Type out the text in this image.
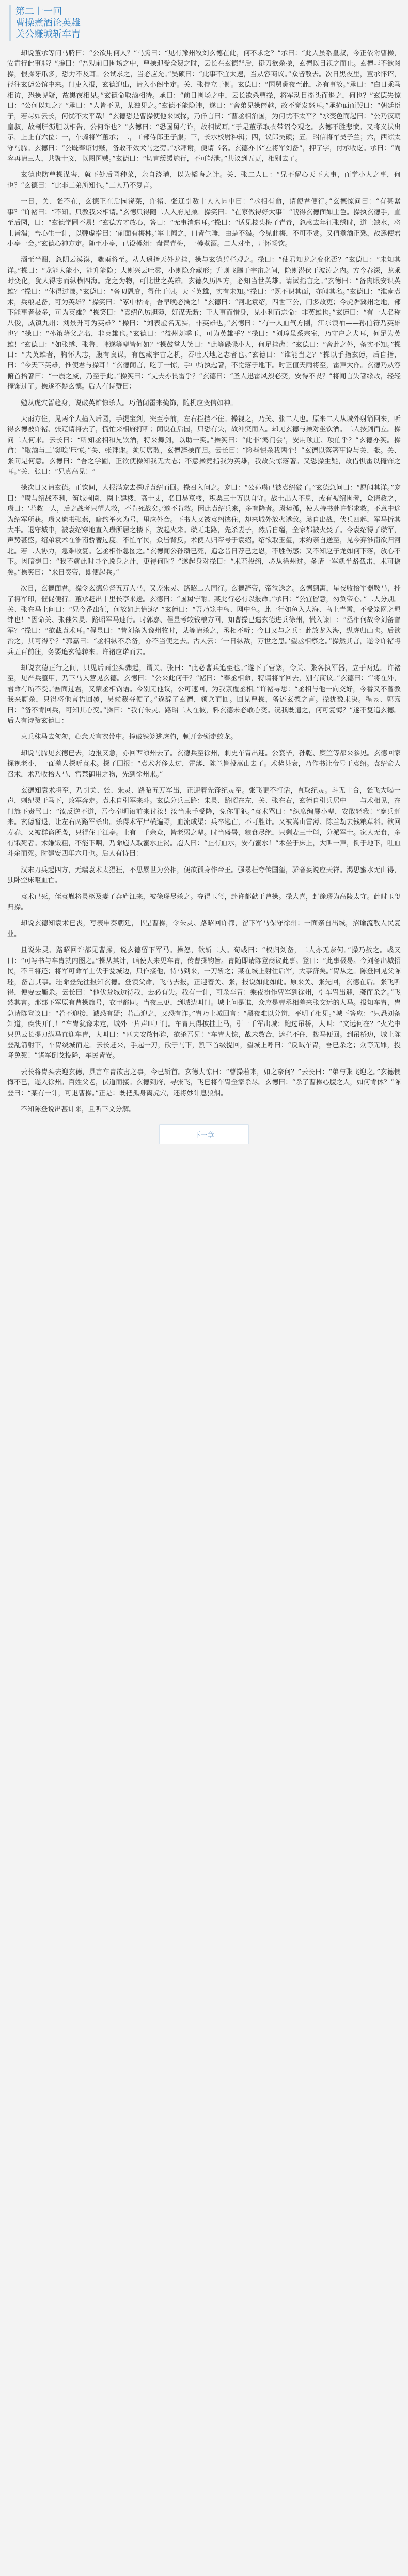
第二十一回
曹操煮酒论英雄
关公赚城斩车胄

却说董承等问马腾曰：“公欲用何人？”马腾曰：“见有豫州牧刘玄德在此，何不求之？”承曰：“此人虽系皇叔，今正依附曹操，安肯行此事耶？”腾曰：“吾观前日围场之中，曹操迎受众贺之时，云长在玄德背后，挺刀欲杀操，玄德以目视之而止。玄德非不欲图操，恨操牙爪多，恐力不及耳。公试求之，当必应允。”吴硕曰：“此事不宜太速，当从容商议。”众皆散去。次日黑夜里，董承怀诏，径往玄德公馆中来。门吏入报，玄德迎出，请入小阁坐定。关、张侍立于侧。玄德曰：“国舅夤夜至此，必有事故。”承曰：“白日乘马相访，恐操见疑，故黑夜相见。”玄德命取酒相待。承曰：“前日围场之中，云长欲杀曹操，将军动目摇头而退之，何也？”玄德失惊曰：“公何以知之？”承曰：“人皆不见，某独见之。”玄德不能隐讳，遂曰：“舍弟见操僭越，故不觉发怒耳。”承掩面而哭曰：“朝廷臣子，若尽如云长，何忧不太平哉！”玄德恐是曹操使他来试探，乃佯言曰：“曹丞相治国，为何忧不太平？”承变色而起曰：“公乃汉朝皇叔，故剖肝沥胆以相告，公何诈也？”玄德曰：“恐国舅有诈，故相试耳。”于是董承取衣带诏令观之。玄德不胜悲愤。又将义状出示，上止有六位：一，车骑将军董承；二，工部侍郎王子服；三，长水校尉种辑；四，议郎吴硕；五，昭信将军吴子兰；六，西凉太守马腾。玄德曰：“公既奉诏讨贼，备敢不效犬马之劳。”承拜谢，便请书名。玄德亦书“左将军刘备”，押了字，付承收讫。承曰：“尚容再请三人，共聚十义，以图国贼。”玄德曰：“切宜缓缓施行，不可轻泄。”共议到五更，相别去了。

玄德也防曹操谋害，就下处后园种菜，亲自浇灌，以为韬晦之计。关、张二人曰：“兄不留心天下大事，而学小人之事，何也？”玄德曰：“此非二弟所知也。”二人乃不复言。

一日，关、张不在，玄德正在后园浇菜，许褚、张辽引数十人入园中曰：“丞相有命，请使君便行。”玄德惊问曰：“有甚紧事？”许褚曰：“不知。只教我来相请。”玄德只得随二人入府见操。操笑曰：“在家做得好大事！”唬得玄德面如土色。操执玄德手，直至后园，曰：“玄德学圃不易！”玄德方才放心，答曰：“无事消遣耳。”操曰：“适见枝头梅子青青，忽感去年征张绣时，道上缺水，将士皆渴；吾心生一计，以鞭虚指曰：‘前面有梅林。’军士闻之，口皆生唾，由是不渴。今见此梅，不可不赏。又值煮酒正熟，故邀使君小亭一会。”玄德心神方定。随至小亭，已设樽俎：盘置青梅，一樽煮酒。二人对坐，开怀畅饮。

酒至半酣，忽阴云漠漠，骤雨将至。从人遥指天外龙挂，操与玄德凭栏观之。操曰：“使君知龙之变化否？”玄德曰：“未知其详。”操曰：“龙能大能小，能升能隐；大则兴云吐雾，小则隐介藏形；升则飞腾于宇宙之间，隐则潜伏于波涛之内。方今春深，龙乘时变化，犹人得志而纵横四海。龙之为物，可比世之英雄。玄德久历四方，必知当世英雄。请试指言之。”玄德曰：“备肉眼安识英雄？”操曰：“休得过谦。”玄德曰：“备叨恩庇，得仕于朝。天下英雄，实有未知。”操曰：“既不识其面，亦闻其名。”玄德曰：“淮南袁术，兵粮足备，可为英雄？”操笑曰：“冢中枯骨，吾早晚必擒之！”玄德曰：“河北袁绍，四世三公，门多故吏；今虎踞冀州之地，部下能事者极多，可为英雄？”操笑曰：“袁绍色厉胆薄，好谋无断；干大事而惜身，见小利而忘命：非英雄也。”玄德曰：“有一人名称八俊，威镇九州：刘景升可为英雄？”操曰：“刘表虚名无实，非英雄也。”玄德曰：“有一人血气方刚，江东领袖——孙伯符乃英雄也？”操曰：“孙策藉父之名，非英雄也。”玄德曰：“益州刘季玉，可为英雄乎？”操曰：“刘璋虽系宗室，乃守户之犬耳，何足为英雄！”玄德曰：“如张绣、张鲁、韩遂等辈皆何如？”操鼓掌大笑曰：“此等碌碌小人，何足挂齿！”玄德曰：“舍此之外，备实不知。”操曰：“夫英雄者，胸怀大志，腹有良谋，有包藏宇宙之机，吞吐天地之志者也。”玄德曰：“谁能当之？”操以手指玄德，后自指，曰：“今天下英雄，惟使君与操耳！”玄德闻言，吃了一惊，手中所执匙箸，不觉落于地下。时正值天雨将至，雷声大作。玄德乃从容俯首拾箸曰：“一震之威，乃至于此。”操笑曰：“丈夫亦畏雷乎？”玄德曰：“圣人迅雷风烈必变，安得不畏？”将闻言失箸缘故，轻轻掩饰过了。操遂不疑玄德。后人有诗赞曰：

勉从虎穴暂趋身，说破英雄惊杀人。巧借闻雷来掩饰，随机应变信如神。

天雨方住，见两个人撞入后园，手提宝剑，突至亭前，左右拦挡不住。操视之，乃关、张二人也。原来二人从城外射箭回来，听得玄德被许褚、张辽请将去了，慌忙来相府打听；闻说在后园，只恐有失，故冲突而入。却见玄德与操对坐饮酒。二人按剑而立。操问二人何来。云长曰：“听知丞相和兄饮酒，特来舞剑，以助一笑。”操笑曰：“此非‘鸿门会’，安用项庄、项伯乎？”玄德亦笑。操命：“取酒与二‘樊哙’压惊。”关、张拜谢。须臾席散，玄德辞操而归。云长曰：“险些惊杀我两个！”玄德以落箸事说与关、张。关、张问是何意。玄德曰：“吾之学圃，正欲使操知我无大志；不意操竟指我为英雄，我故失惊落箸。又恐操生疑，故借惧雷以掩饰之耳。”关、张曰：“兄真高见！”

操次日又请玄德。正饮间，人报满宠去探听袁绍而回。操召入问之。宠曰：“公孙瓒已被袁绍破了。”玄德急问曰：“愿闻其详。”宠曰：“瓒与绍战不利，筑城围圈，圈上建楼，高十丈，名曰易京楼，积粟三十万以自守。战士出入不息，或有被绍围者，众请救之，瓒曰：‘若救一人，后之战者只望人救，不肯死战矣。’遂不肯救。因此袁绍兵来，多有降者。瓒势孤，使人持书赴许都求救，不意中途为绍军所获。瓒又遗书张燕，暗约举火为号，里应外合。下书人又被袁绍擒住，却来城外放火诱敌。瓒自出战，伏兵四起，军马折其大半。退守城中，被袁绍穿地直入瓒所居之楼下，放起火来。瓒无走路，先杀妻子，然后自缢，全家都被火焚了。今袁绍得了瓒军，声势甚盛。绍弟袁术在淮南骄奢过度，不恤军民，众皆背反。术使人归帝号于袁绍。绍欲取玉玺，术约亲自送至，见今弃淮南欲归河北。若二人协力，急难收复。乞丞相作急图之。”玄德闻公孙瓒已死，追念昔日荐己之恩，不胜伤感；又不知赵子龙如何下落，放心不下。因暗想曰：“我不就此时寻个脱身之计，更待何时？”遂起身对操曰：“术若投绍，必从徐州过。备请一军就半路截击，术可擒矣。”操笑曰：“来日奏帝，即便起兵。”

次日，玄德面君。操令玄德总督五万人马，又差朱灵、路昭二人同行。玄德辞帝，帝泣送之。玄德到寓，星夜收拾军器鞍马，挂了将军印，催促便行。董承赶出十里长亭来送。玄德曰：“国舅宁耐。某此行必有以报命。”承曰：“公宜留意，勿负帝心。”二人分别。关、张在马上问曰：“兄今番出征，何故如此慌速？”玄德曰：“吾乃笼中鸟、网中鱼。此一行如鱼入大海、鸟上青霄，不受笼网之羁绊也！”因命关、张催朱灵、路昭军马速行。时郭嘉、程昱考较钱粮方回，知曹操已遣玄德进兵徐州，慌入谏曰：“丞相何故令刘备督军？”操曰：“欲截袁术耳。”程昱曰：“昔刘备为豫州牧时，某等请杀之，丞相不听；今日又与之兵：此放龙入海，纵虎归山也。后欲治之，其可得乎？”郭嘉曰：“丞相纵不杀备，亦不当使之去。古人云：‘一日纵敌，万世之患。’望丞相察之。”操然其言，遂令许褚将兵五百前往，务要追玄德转来。许褚应诺而去。

却说玄德正行之间，只见后面尘头骤起，谓关、张曰：“此必曹兵追至也。”遂下了营寨，令关、张各执军器，立于两边。许褚至，见严兵整甲，乃下马入营见玄德。玄德曰：“公来此何干？”褚曰：“奉丞相命，特请将军回去，别有商议。”玄德曰：“‘将在外，君命有所不受。’吾面过君，又蒙丞相钧语。今别无他议，公可速回，为我禀覆丞相。”许褚寻思：“丞相与他一向交好，今番又不曾教我来厮杀，只得将他言语回覆，另候裁夺便了。”遂辞了玄德，领兵而回。回见曹操，备述玄德之言。操犹豫未决。程昱、郭嘉曰：“备不肯回兵，可知其心变。”操曰：“我有朱灵、路昭二人在彼，料玄德未必敢心变。况我既遣之，何可复悔？”遂不复追玄德。后人有诗赞玄德曰：

束兵秣马去匆匆，心念天言衣带中。撞破铁笼逃虎豹，顿开金锁走蛟龙。

却说马腾见玄德已去，边报又急，亦回西凉州去了。玄德兵至徐州，刺史车胄出迎。公宴毕，孙乾、糜竺等都来参见。玄德回家探视老小，一面差人探听袁术。探子回报：“袁术奢侈太过，雷薄、陈兰皆投嵩山去了。术势甚衰，乃作书让帝号于袁绍。袁绍命人召术，术乃收拾人马、宫禁御用之物，先到徐州来。”

玄德知袁术将至，乃引关、张、朱灵、路昭五万军出，正迎着先锋纪灵至。张飞更不打话，直取纪灵。斗无十合，张飞大喝一声，刺纪灵于马下，败军奔走。袁术自引军来斗。玄德分兵三路：朱灵、路昭在左，关、张在右，玄德自引兵居中——与术相见，在门旗下责骂曰：“汝反逆不道，吾今奉明诏前来讨汝！汝当束手受降，免你罪犯。”袁术骂曰：“织席编屦小辈，安敢轻我！”麾兵赶来。玄德暂退，让左右两路军杀出。杀得术军尸横遍野，血流成渠；兵卒逃亡，不可胜计。又被嵩山雷薄、陈兰劫去钱粮草料。欲回寿春，又被群盗所袭，只得住于江亭。止有一千余众，皆老弱之辈。时当盛暑，粮食尽绝，只剩麦三十斛，分派军士。家人无食，多有饿死者。术嫌饭粗，不能下咽，乃命庖人取蜜水止渴。庖人曰：“止有血水，安有蜜水！”术坐于床上，大叫一声，倒于地下，吐血斗余而死。时建安四年六月也。后人有诗曰：

汉末刀兵起四方，无端袁术太猖狂，不思累世为公相，便欲孤身作帝王。强暴枉夸传国玺，骄奢妄说应天祥。渴思蜜水无由得，独卧空床呕血亡。

袁术已死，侄袁胤将灵柩及妻子奔庐江来，被徐璆尽杀之。夺得玉玺，赴许都献于曹操。操大喜，封徐璆为高陵太守。此时玉玺归操。

却说玄德知袁术已丧，写表申奏朝廷，书呈曹操，令朱灵、路昭回许都，留下军马保守徐州；一面亲自出城，招谕流散人民复业。

且说朱灵、路昭回许都见曹操，说玄德留下军马。操怒，欲斩二人。荀彧曰：“权归刘备，二人亦无奈何。”操乃赦之。彧又曰：“可写书与车胄就内图之。”操从其计，暗使人来见车胄，传曹操钧旨。胄随即请陈登商议此事。登曰：“此事极易。今刘备出城招民，不日将还；将军可命军士伏于瓮城边，只作接他，待马到来，一刀斩之；某在城上射住后军，大事济矣。”胄从之。陈登回见父陈珪，备言其事。珪命登先往报知玄德。登领父命，飞马去报，正迎着关、张，报说如此如此。原来关、张先回，玄德在后。张飞听得，便要去厮杀。云长曰：“他伏瓮城边待我，去必有失。我有一计，可杀车胄：乘夜扮作曹军到徐州，引车胄出迎，袭而杀之。”飞然其言。那部下军原有曹操旗号，衣甲都同。当夜三更，到城边叫门。城上问是谁，众应是曹丞相差来张文远的人马。报知车胄，胄急请陈登议曰：“若不迎接，诚恐有疑；若出迎之，又恐有诈。”胄乃上城回言：“黑夜难以分辨，平明了相见。”城下答应：“只恐刘备知道，疾快开门！”车胄犹豫未定，城外一片声叫开门。车胄只得披挂上马，引一千军出城；跑过吊桥，大叫：“文远何在？”火光中只见云长提刀纵马直迎车胄，大叫曰：“匹夫安敢怀诈，欲杀吾兄！”车胄大惊，战未数合，遮拦不住，拨马便回。到吊桥边，城上陈登乱箭射下，车胄绕城而走。云长赶来，手起一刀，砍于马下，割下首级提回，望城上呼曰：“反贼车胄，吾已杀之；众等无罪，投降免死！”诸军倒戈投降，军民皆安。

云长将胄头去迎玄德，具言车胄欲害之事，今已斩首。玄德大惊曰：“曹操若来，如之奈何？”云长曰：“弟与张飞迎之。”玄德懊悔不已，遂入徐州。百姓父老，伏道而接。玄德到府，寻张飞，飞已将车胄全家杀尽。玄德曰：“杀了曹操心腹之人，如何肯休？”陈登曰：“某有一计，可退曹操。”正是：既把孤身离虎穴，还将妙计息狼烟。

不知陈登说出甚计来，且听下文分解。

下一章
